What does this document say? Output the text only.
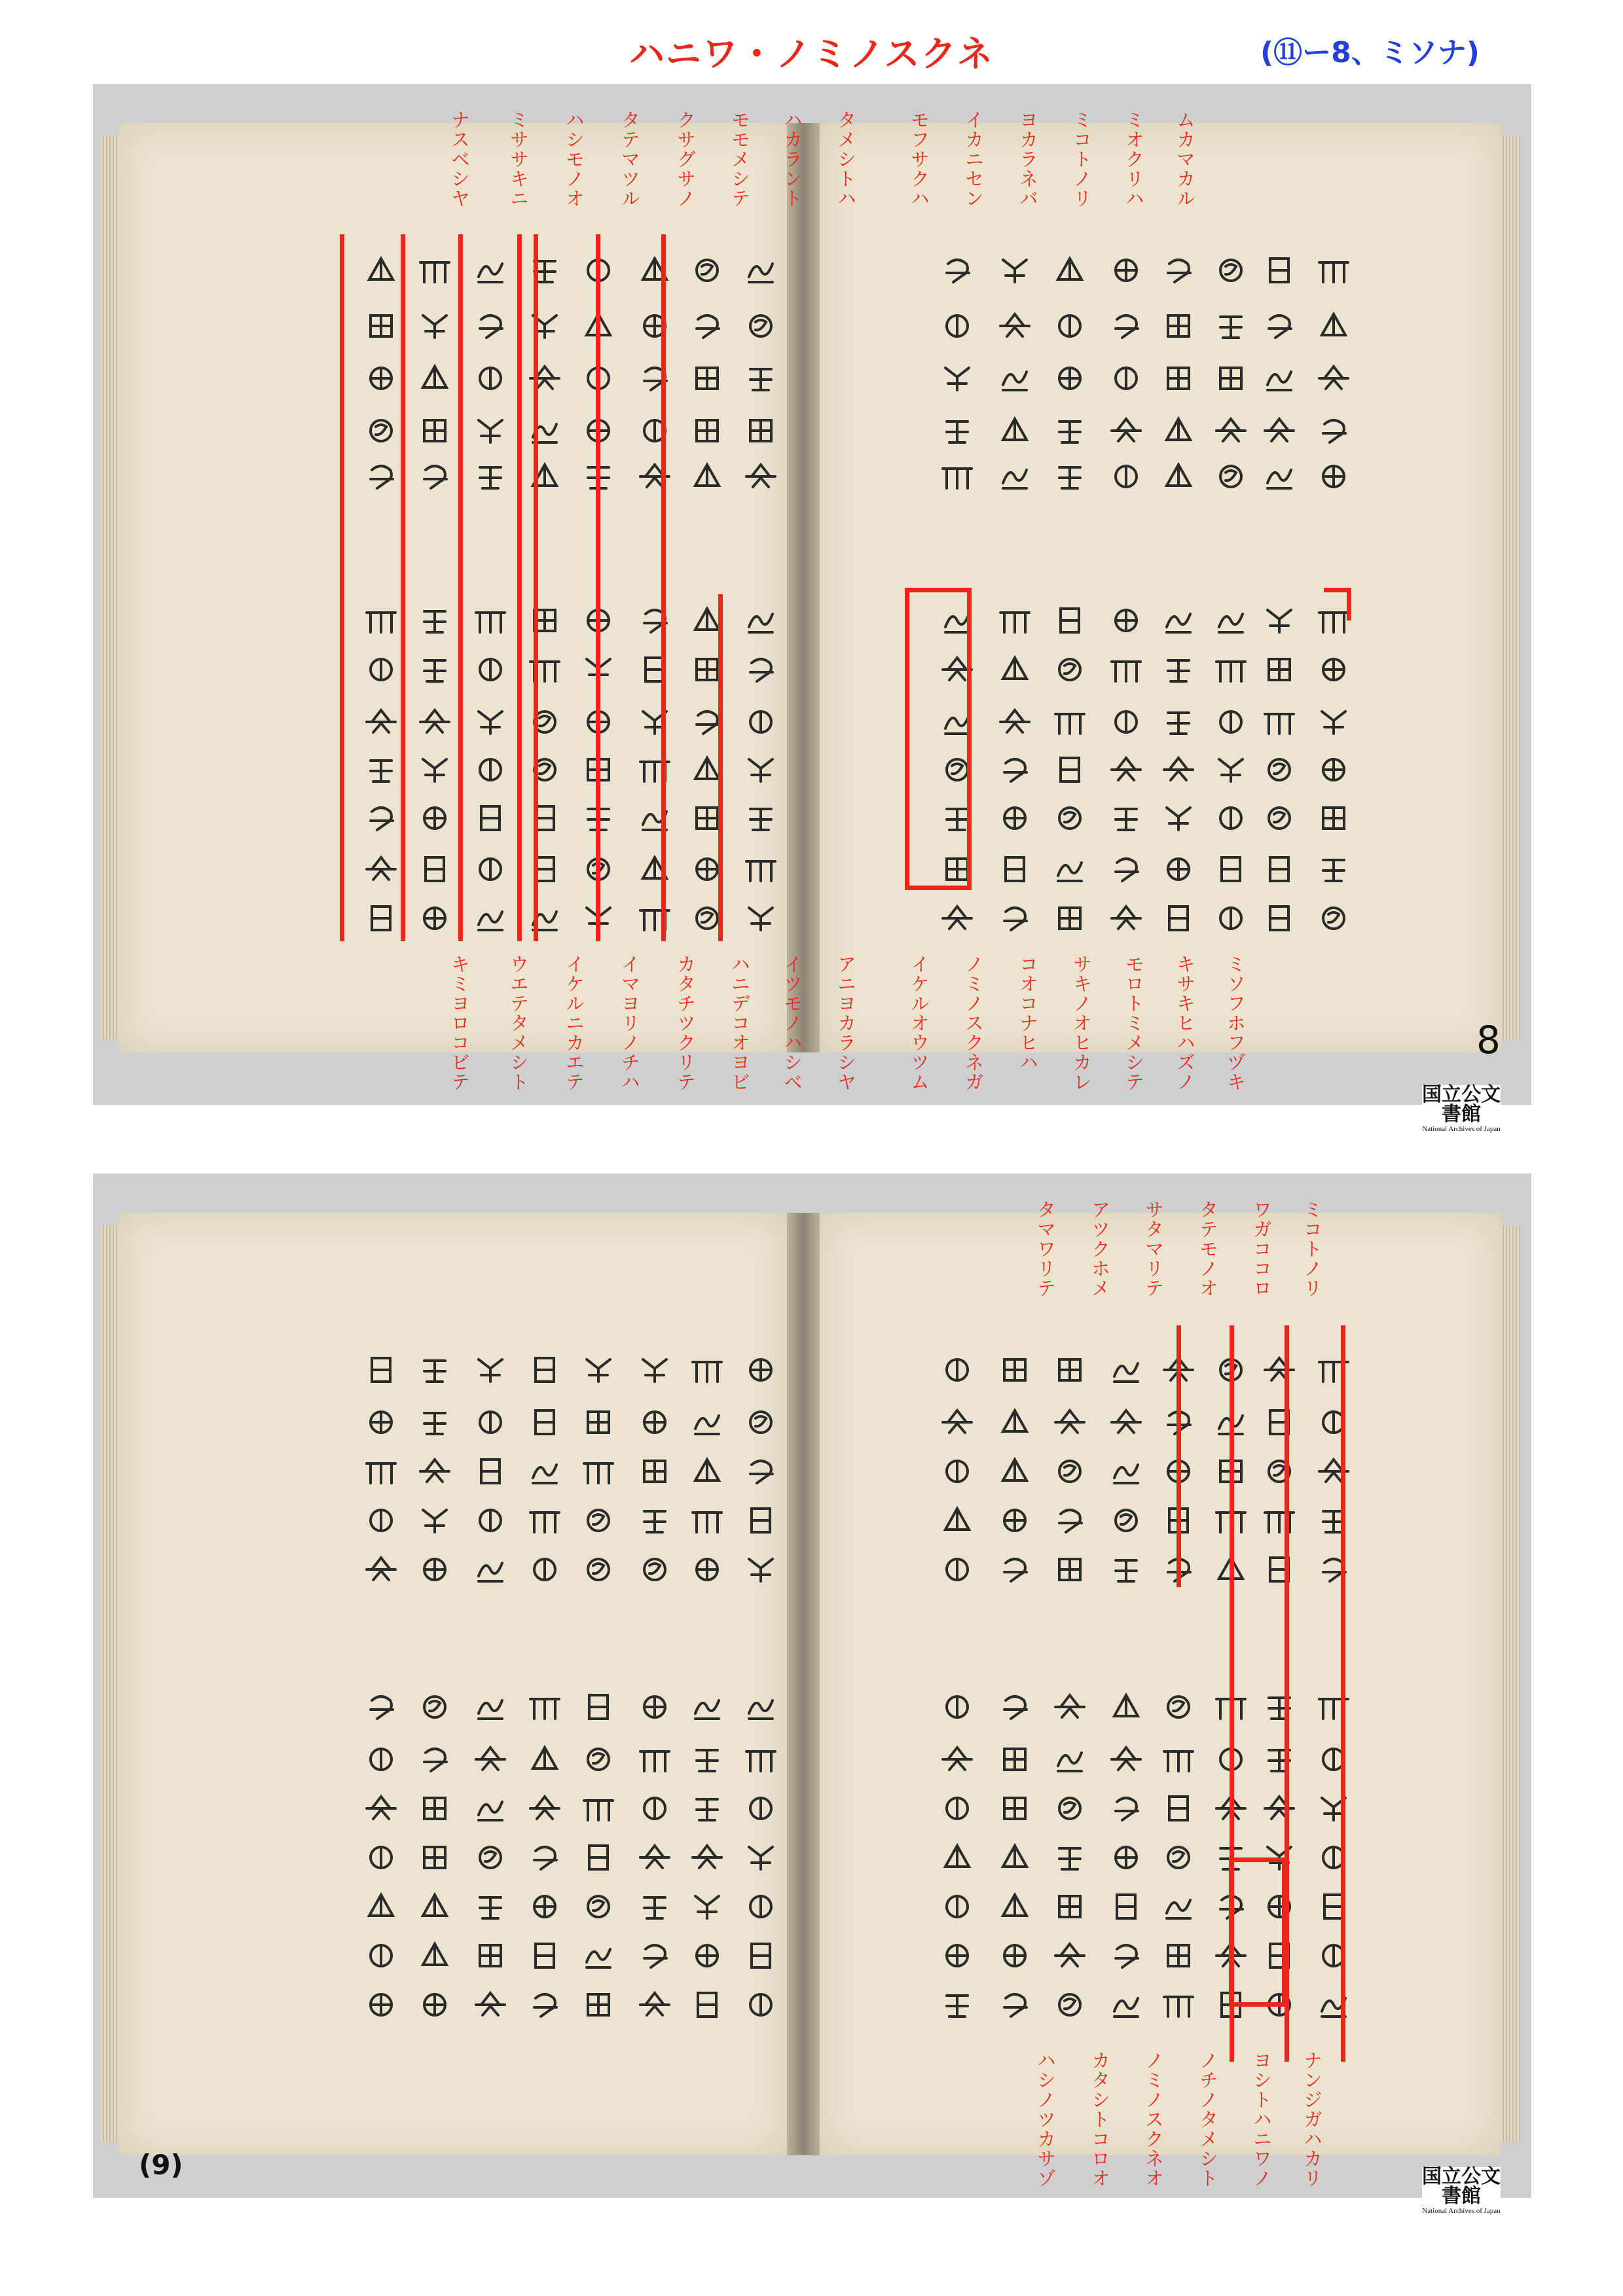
ハニワ・ノミノスクネ	(⑪ー8、ミソナ)
ムカマカル
ミオクリハ
ミコトノリ
ヨカラネバ
イカニセン
モフサクハ
タメシトハ
ハカラント
モモメシテ
クサグサノ
タテマツル
ハシモノオ
ミササキニ
ナスベシヤ
ミソフホフヅキ
キサキヒハズノ
モロトミメシテ
サキノオヒカレ
コオコナヒハ
ノミノスクネガ
イケルオウツム
アニヨカラシヤ
イツモノハシベ
ハニデコオヨビ
カタチツクリテ
イマヨリノチハ
イケルニカエテ
ウエテタメシト
キミヨロコビテ
国立公文書館
National Archives of Japan
8
ミコトノリ
ワガココロ
タテモノオ
サタマリテ
アツクホメ
タマワリテ
ナンジガハカリ
ヨシトハニワノ
ノチノタメシト
ノミノスクネオ
カタシトコロオ
ハシノツカサゾ	国立公文書館
National Archives of Japan
(9)
